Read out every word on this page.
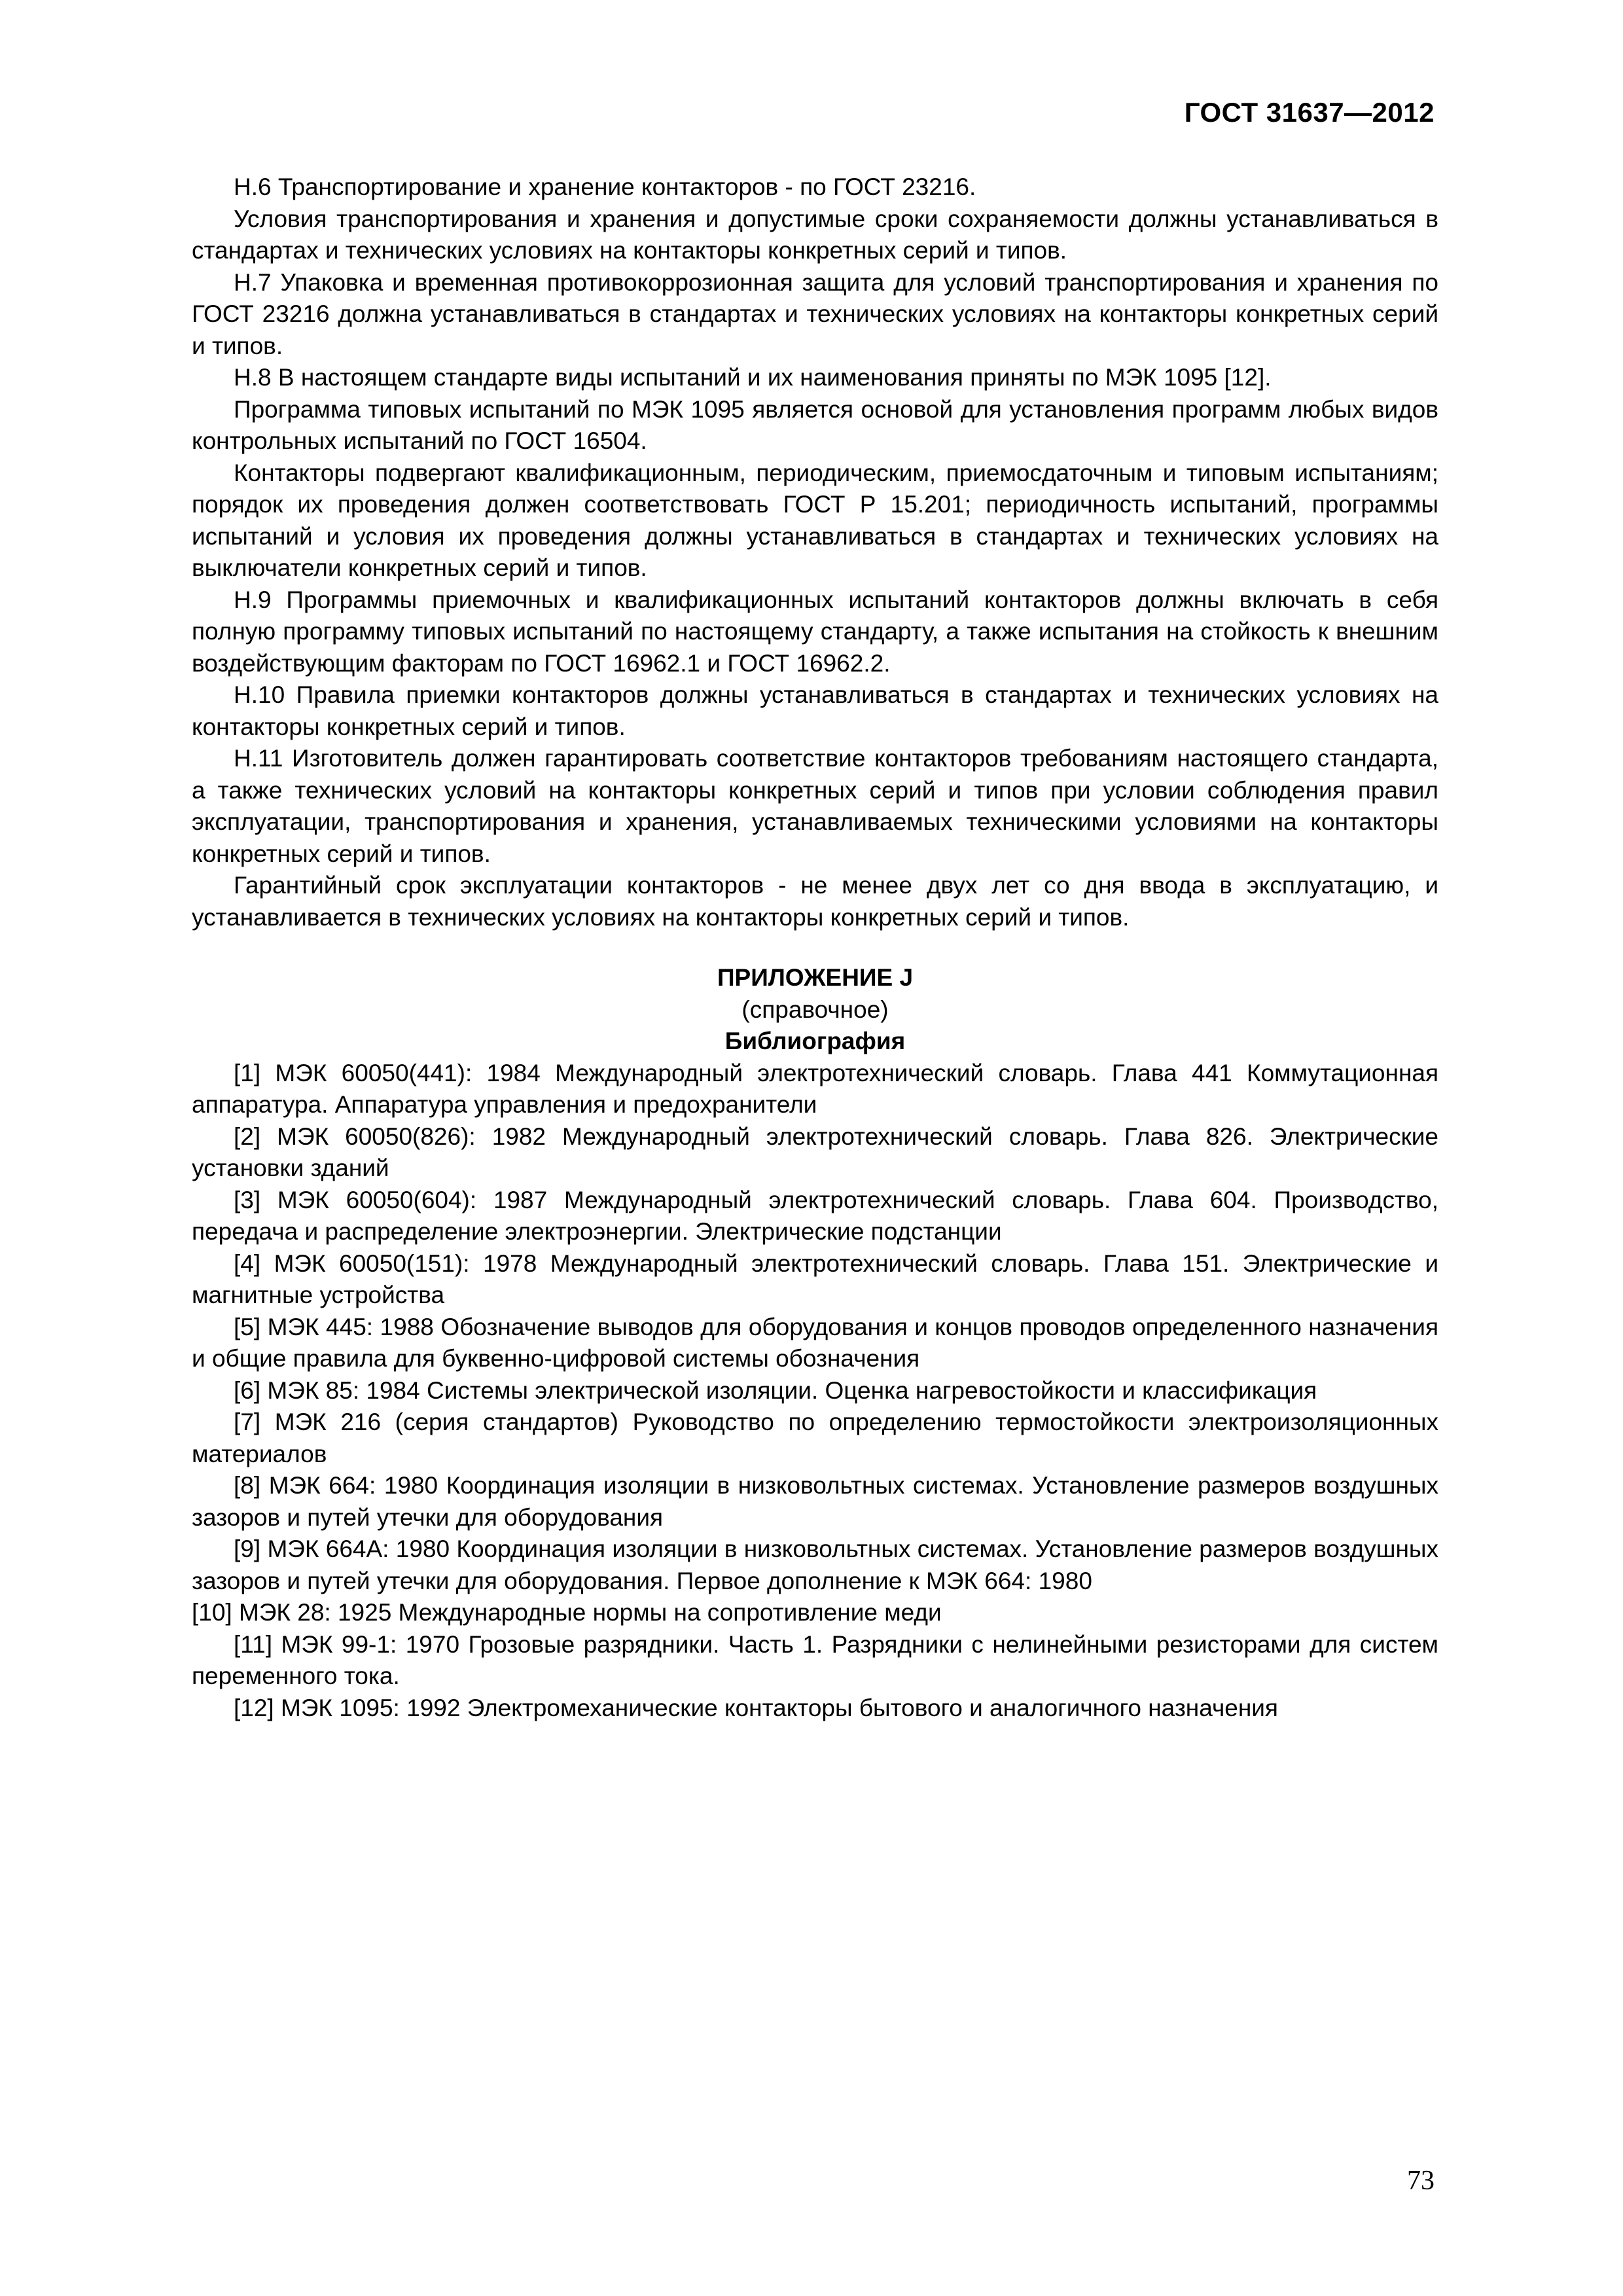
ГОСТ 31637—2012

Н.6 Транспортирование и хранение контакторов - по ГОСТ 23216.

Условия транспортирования и хранения и допустимые сроки сохраняемости должны устанавливаться в стандартах и технических условиях на контакторы конкретных серий и типов.

Н.7 Упаковка и временная противокоррозионная защита для условий транспортирования и хранения по ГОСТ 23216 должна устанавливаться в стандартах и технических условиях на контакторы конкретных серий и типов.

Н.8 В настоящем стандарте виды испытаний и их наименования приняты по МЭК 1095 [12].

Программа типовых испытаний по МЭК 1095 является основой для установления программ любых видов контрольных испытаний по ГОСТ 16504.

Контакторы подвергают квалификационным, периодическим, приемосдаточным и типовым испытаниям; порядок их проведения должен соответствовать ГОСТ Р 15.201; периодичность испытаний, программы испытаний и условия их проведения должны устанавливаться в стандартах и технических условиях на выключатели конкретных серий и типов.

Н.9 Программы приемочных и квалификационных испытаний контакторов должны включать в себя полную программу типовых испытаний по настоящему стандарту, а также испытания на стойкость к внешним воздействующим факторам по ГОСТ 16962.1 и ГОСТ 16962.2.

Н.10 Правила приемки контакторов должны устанавливаться в стандартах и технических условиях на контакторы конкретных серий и типов.

Н.11 Изготовитель должен гарантировать соответствие контакторов требованиям настоящего стандарта, а также технических условий на контакторы конкретных серий и типов при условии соблюдения правил эксплуатации, транспортирования и хранения, устанавливаемых техническими условиями на контакторы конкретных серий и типов.

Гарантийный срок эксплуатации контакторов - не менее двух лет со дня ввода в эксплуатацию, и устанавливается в технических условиях на контакторы конкретных серий и типов.

ПРИЛОЖЕНИЕ J
(справочное)
Библиография

[1] МЭК 60050(441): 1984 Международный электротехнический словарь. Глава 441 Коммутационная аппаратура. Аппаратура управления и предохранители

[2] МЭК 60050(826): 1982 Международный электротехнический словарь. Глава 826. Электрические установки зданий

[3] МЭК 60050(604): 1987 Международный электротехнический словарь. Глава 604. Производство, передача и распределение электроэнергии. Электрические подстанции

[4] МЭК 60050(151): 1978 Международный электротехнический словарь. Глава 151. Электрические и магнитные устройства

[5] МЭК 445: 1988 Обозначение выводов для оборудования и концов проводов определенного назначения и общие правила для буквенно-цифровой системы обозначения

[6] МЭК 85: 1984 Системы электрической изоляции. Оценка нагревостойкости и классификация

[7] МЭК 216 (серия стандартов) Руководство по определению термостойкости электроизоляционных материалов

[8] МЭК 664: 1980 Координация изоляции в низковольтных системах. Установление размеров воздушных зазоров и путей утечки для оборудования

[9] МЭК 664А: 1980 Координация изоляции в низковольтных системах. Установление размеров воздушных зазоров и путей утечки для оборудования. Первое дополнение к МЭК 664: 1980

[10] МЭК 28: 1925 Международные нормы на сопротивление меди

[11] МЭК 99-1: 1970 Грозовые разрядники. Часть 1. Разрядники с нелинейными резисторами для систем переменного тока.

[12] МЭК 1095: 1992 Электромеханические контакторы бытового и аналогичного назначения

73
